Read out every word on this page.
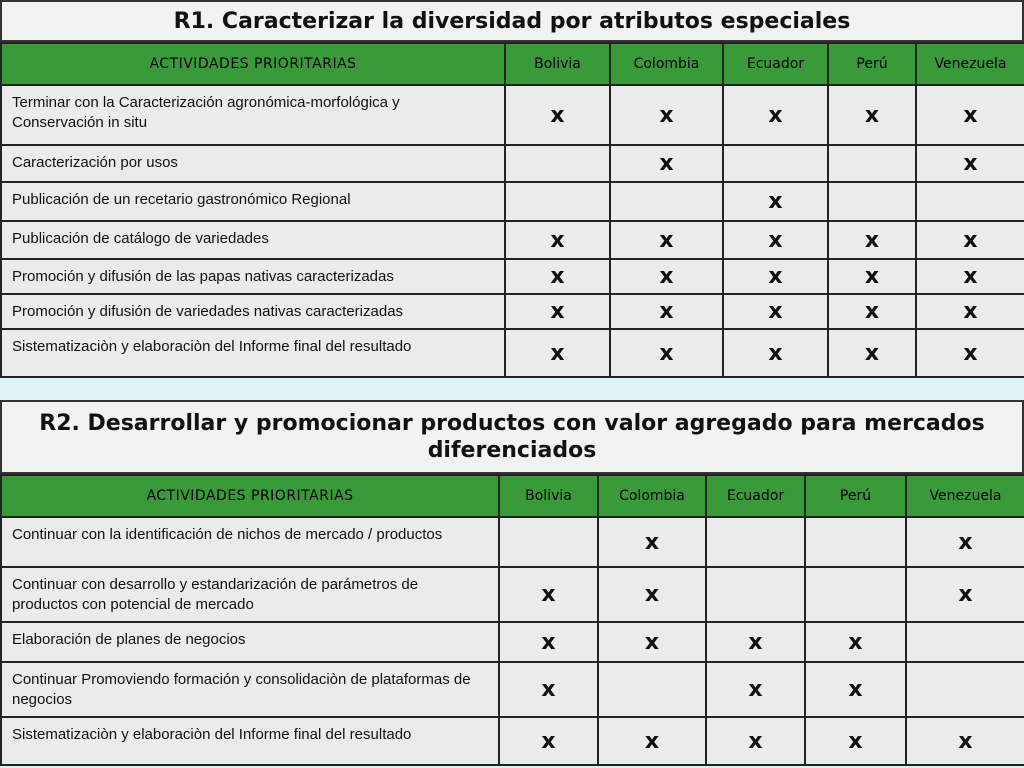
R1. Caracterizar la diversidad por atributos especiales
ACTIVIDADES PRIORITARIAS	Bolivia	Colombia	Ecuador	Perú	Venezuela
Terminar con la Caracterización agronómica-morfológica y Conservación in situ	x	x	x	x	x
Caracterización por usos		x			x
Publicación de un recetario gastronómico Regional			x		
Publicación de catálogo de variedades	x	x	x	x	x
Promoción y difusión de las papas nativas caracterizadas	x	x	x	x	x
Promoción y difusión de variedades nativas caracterizadas	x	x	x	x	x
Sistematizaciòn y elaboraciòn del Informe final del resultado	x	x	x	x	x
R2. Desarrollar y promocionar productos con valor agregado para mercados diferenciados
ACTIVIDADES PRIORITARIAS	Bolivia	Colombia	Ecuador	Perú	Venezuela
Continuar con la identificación de nichos de mercado / productos		x			x
Continuar con desarrollo y estandarización de parámetros de productos con potencial de mercado	x	x			x
Elaboración de planes de negocios	x	x	x	x	
Continuar Promoviendo formación y consolidaciòn de plataformas de negocios	x		x	x	
Sistematizaciòn y elaboraciòn del Informe final del resultado	x	x	x	x	x
